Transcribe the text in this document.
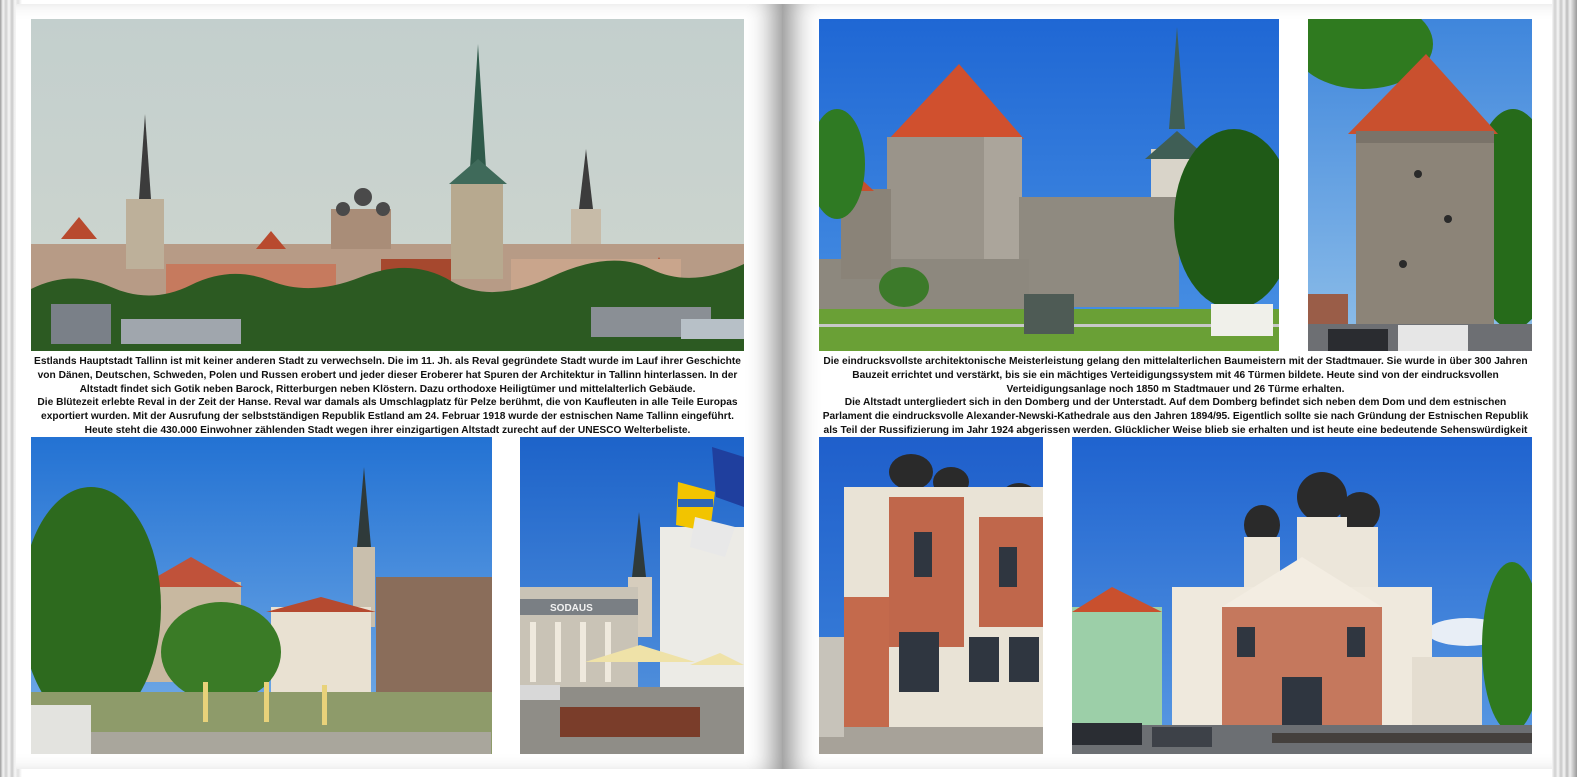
Estlands Hauptstadt Tallinn ist mit keiner anderen Stadt zu verwechseln. Die im 11. Jh. als Reval gegründete Stadt wurde im Lauf ihrer Geschichte von Dänen, Deutschen, Schweden, Polen und Russen erobert und jeder dieser Eroberer hat Spuren der Architektur in Tallinn hinterlassen. In der Altstadt findet sich Gotik neben Barock, Ritterburgen neben Klöstern. Dazu orthodoxe Heiligtümer und mittelalterlich Gebäude.

Die Blütezeit erlebte Reval in der Zeit der Hanse. Reval war damals als Umschlagplatz für Pelze berühmt, die von Kaufleuten in alle Teile Europas exportiert wurden. Mit der Ausrufung der selbstständigen Republik Estland am 24. Februar 1918 wurde der estnischen Name Tallinn eingeführt.

Heute steht die 430.000 Einwohner zählenden Stadt wegen ihrer einzigartigen Altstadt zurecht auf der UNESCO Welterbeliste.

SODAUS

Die eindrucksvollste architektonische Meisterleistung gelang den mittelalterlichen Baumeistern mit der Stadtmauer. Sie wurde in über 300 Jahren Bauzeit errichtet und verstärkt, bis sie ein mächtiges Verteidigungssystem mit 46 Türmen bildete. Heute sind von der eindrucksvollen Verteidigungsanlage noch 1850 m Stadtmauer und 26 Türme erhalten.

Die Altstadt untergliedert sich in den Domberg und der Unterstadt. Auf dem Domberg befindet sich neben dem Dom und dem estnischen Parlament die eindrucksvolle Alexander-Newski-Kathedrale aus den Jahren 1894/95. Eigentlich sollte sie nach Gründung der Estnischen Republik als Teil der Russifizierung im Jahr 1924 abgerissen werden. Glücklicher Weise blieb sie erhalten und ist heute eine bedeutende Sehenswürdigkeit
